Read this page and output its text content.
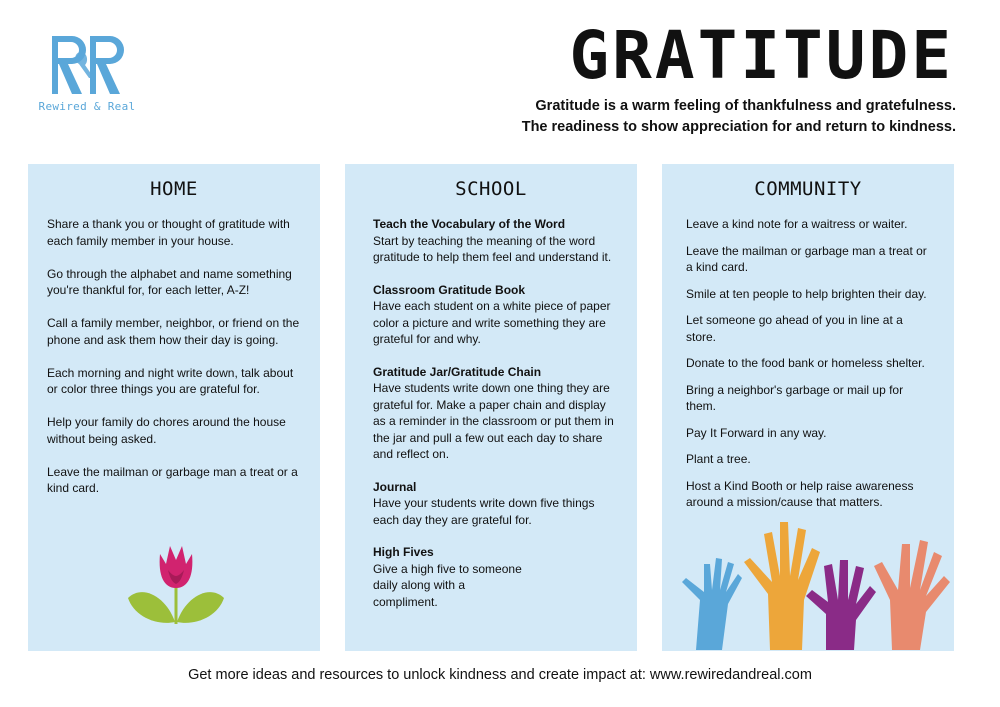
Rewired & Real
GRATITUDE
Gratitude is a warm feeling of thankfulness and gratefulness.
The readiness to show appreciation for and return to kindness.
HOME
Share a thank you or thought of gratitude with each family member in your house.
Go through the alphabet and name something you're thankful for, for each letter, A-Z!
Call a family member, neighbor, or friend on the phone and ask them how their day is going.
Each morning and night write down, talk about or color three things you are grateful for.
Help your family do chores around the house without being asked.
Leave the mailman or garbage man a treat or a kind card.
SCHOOL
Teach the Vocabulary of the Word
Start by teaching the meaning of the word gratitude to help them feel and understand it.
Classroom Gratitude Book
Have each student on a white piece of paper color a picture and write something they are grateful for and why.
Gratitude Jar/Gratitude Chain
Have students write down one thing they are grateful for. Make a paper chain and display as a reminder in the classroom or put them in the jar and pull a few out each day to share and reflect on.
Journal
Have your students write down five things each day they are grateful for.
High Fives
Give a high five to someone daily along with a compliment.
COMMUNITY
Leave a kind note for a waitress or waiter.
Leave the mailman or garbage man a treat or a kind card.
Smile at ten people to help brighten their day.
Let someone go ahead of you in line at a store.
Donate to the food bank or homeless shelter.
Bring a neighbor's garbage or mail up for them.
Pay It Forward in any way.
Plant a tree.
Host a Kind Booth or help raise awareness around a mission/cause that matters.
Get more ideas and resources to unlock kindness and create impact at: www.rewiredandreal.com
